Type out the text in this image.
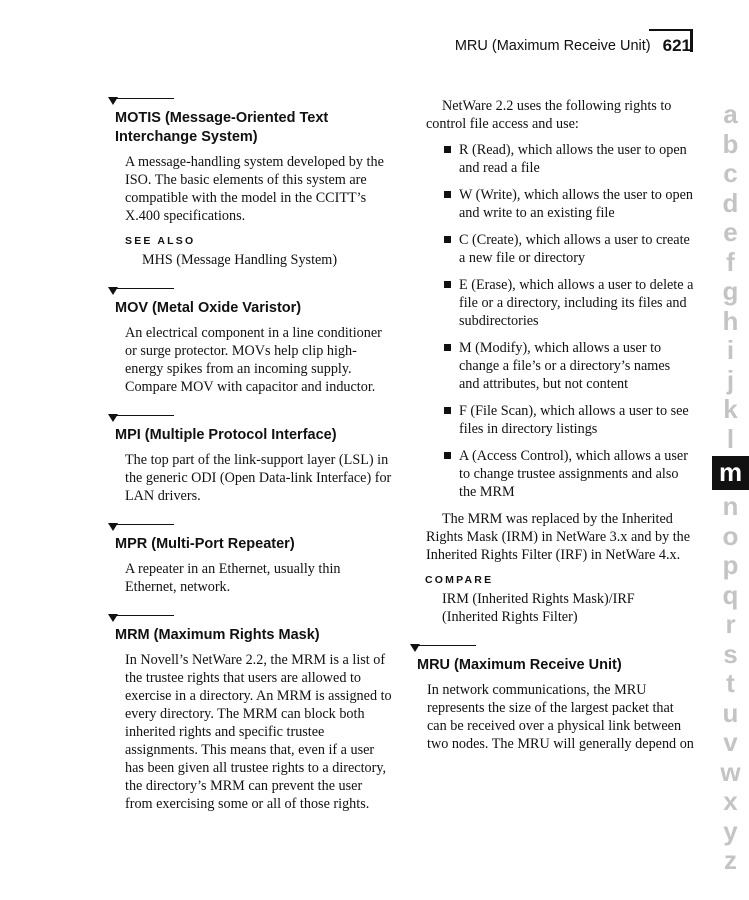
MRU (Maximum Receive Unit) 621
MOTIS (Message-Oriented Text Interchange System)
A message-handling system developed by the ISO. The basic elements of this system are compatible with the model in the CCITT’s X.400 specifications.
SEE ALSO
MHS (Message Handling System)
MOV (Metal Oxide Varistor)
An electrical component in a line conditioner or surge protector. MOVs help clip high-energy spikes from an incoming supply. Compare MOV with capacitor and inductor.
MPI (Multiple Protocol Interface)
The top part of the link-support layer (LSL) in the generic ODI (Open Data-link Interface) for LAN drivers.
MPR (Multi-Port Repeater)
A repeater in an Ethernet, usually thin Ethernet, network.
MRM (Maximum Rights Mask)
In Novell’s NetWare 2.2, the MRM is a list of the trustee rights that users are allowed to exercise in a directory. An MRM is assigned to every directory. The MRM can block both inherited rights and specific trustee assignments. This means that, even if a user has been given all trustee rights to a directory, the directory’s MRM can prevent the user from exercising some or all of those rights.
NetWare 2.2 uses the following rights to control file access and use:
R (Read), which allows the user to open and read a file
W (Write), which allows the user to open and write to an existing file
C (Create), which allows a user to create a new file or directory
E (Erase), which allows a user to delete a file or a directory, including its files and subdirectories
M (Modify), which allows a user to change a file’s or a directory’s names and attributes, but not content
F (File Scan), which allows a user to see files in directory listings
A (Access Control), which allows a user to change trustee assignments and also the MRM
The MRM was replaced by the Inherited Rights Mask (IRM) in NetWare 3.x and by the Inherited Rights Filter (IRF) in NetWare 4.x.
COMPARE
IRM (Inherited Rights Mask)/IRF (Inherited Rights Filter)
MRU (Maximum Receive Unit)
In network communications, the MRU represents the size of the largest packet that can be received over a physical link between two nodes. The MRU will generally depend on
a
b
c
d
e
f
g
h
i
j
k
l
m
n
o
p
q
r
s
t
u
v
w
x
y
z
